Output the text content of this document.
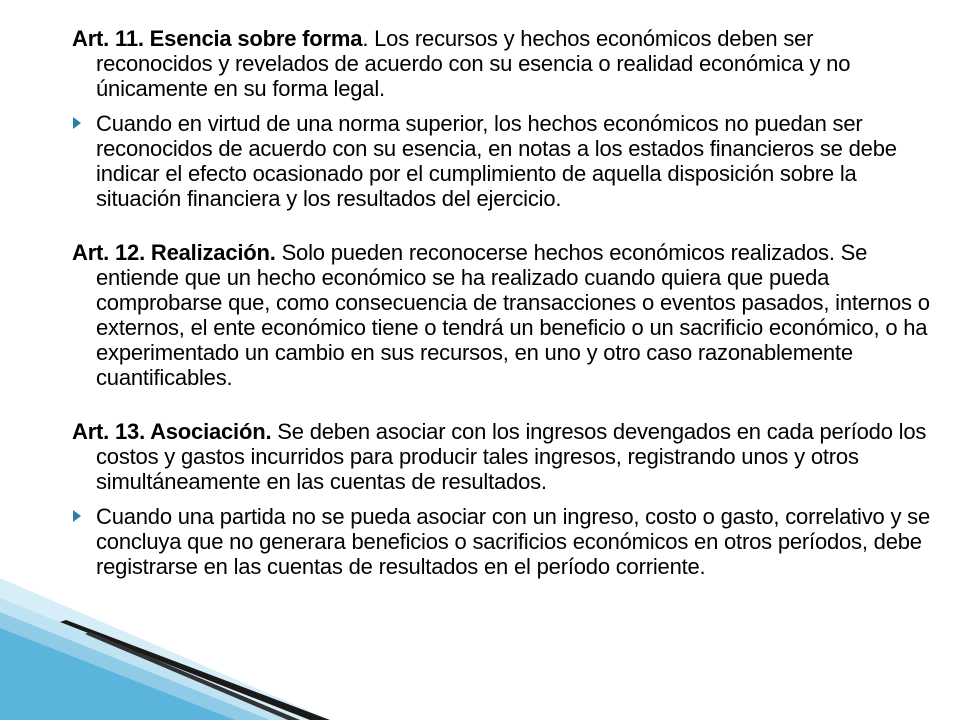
Art. 11. Esencia sobre forma. Los recursos y hechos económicos deben ser reconocidos y revelados de acuerdo con su esencia o realidad económica y no únicamente en su forma legal.

Cuando en virtud de una norma superior, los hechos económicos no puedan ser reconocidos de acuerdo con su esencia, en notas a los estados financieros se debe indicar el efecto ocasionado por el cumplimiento de aquella disposición sobre la situación financiera y los resultados del ejercicio.

Art. 12. Realización. Solo pueden reconocerse hechos económicos realizados. Se entiende que un hecho económico se ha realizado cuando quiera que pueda comprobarse que, como consecuencia de transacciones o eventos pasados, internos o externos, el ente económico tiene o tendrá un beneficio o un sacrificio económico, o ha experimentado un cambio en sus recursos, en uno y otro caso razonablemente cuantificables.

Art. 13. Asociación. Se deben asociar con los ingresos devengados en cada período los costos y gastos incurridos para producir tales ingresos, registrando unos y otros simultáneamente en las cuentas de resultados.

Cuando una partida no se pueda asociar con un ingreso, costo o gasto, correlativo y se concluya que no generara beneficios o sacrificios económicos en otros períodos, debe registrarse en las cuentas de resultados en el período corriente.
